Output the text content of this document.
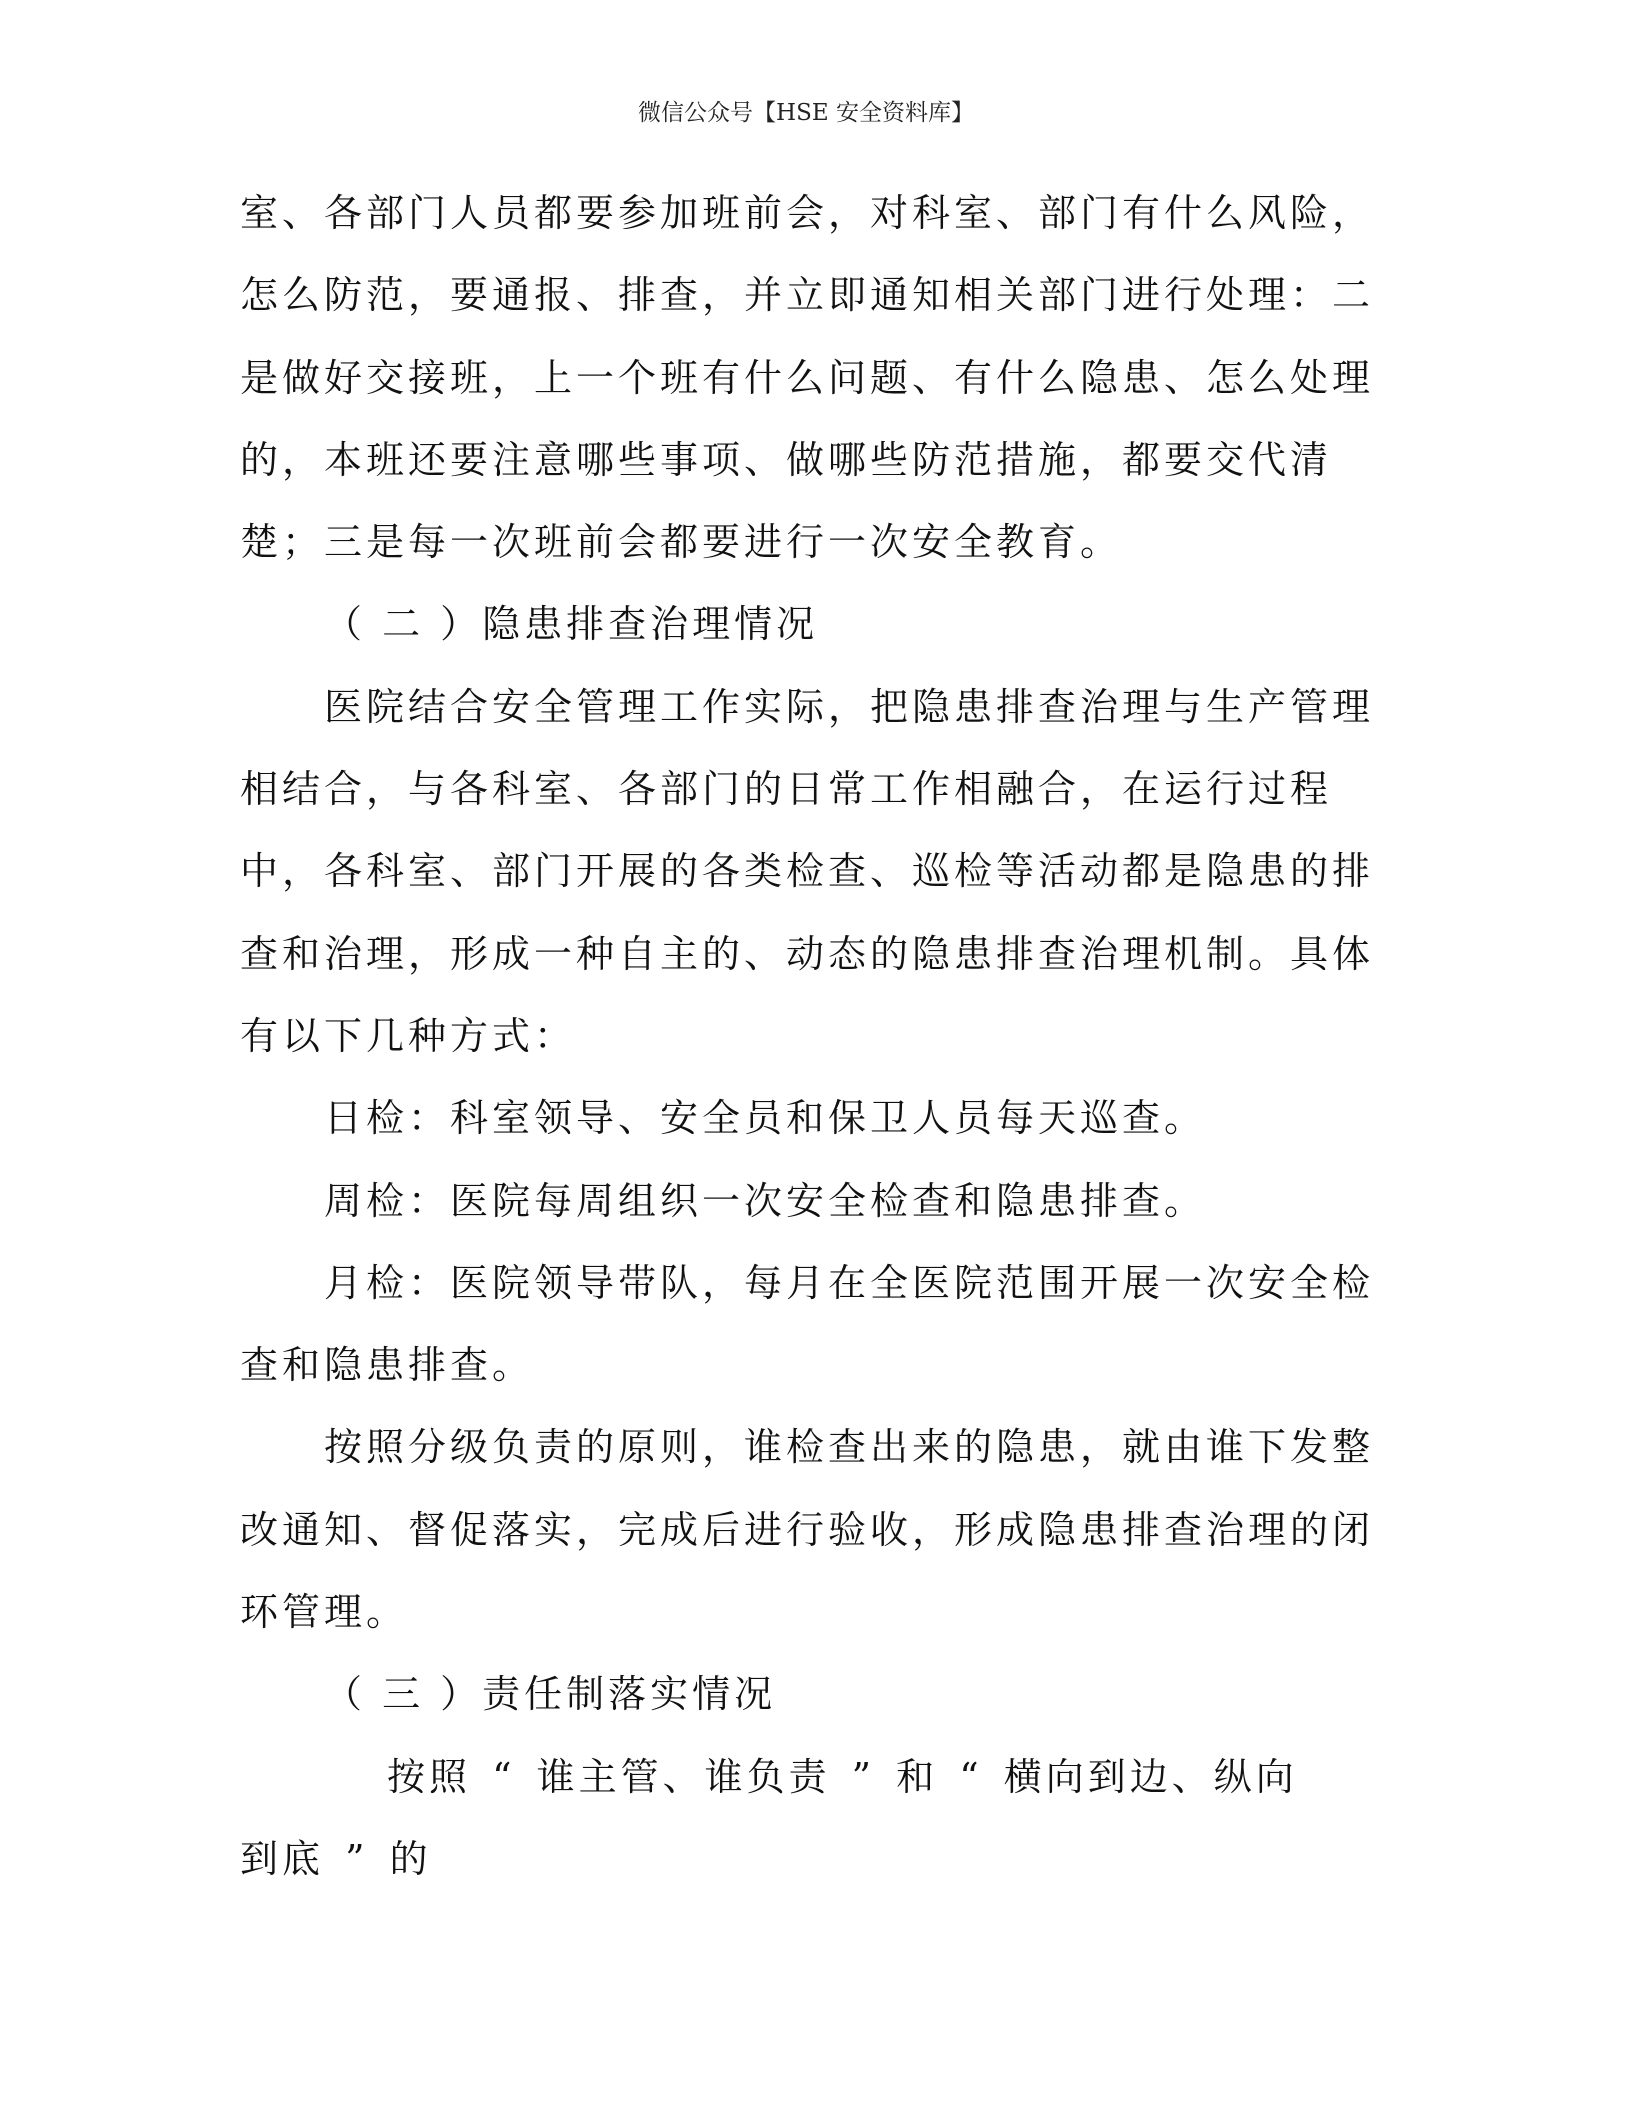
微信公众号【HSE 安全资料库】
室、各部门人员都要参加班前会，对科室、部门有什么风险，
怎么防范，要通报、排查，并立即通知相关部门进行处理：二
是做好交接班，上一个班有什么问题、有什么隐患、怎么处理
的，本班还要注意哪些事项、做哪些防范措施，都要交代清
楚；三是每一次班前会都要进行一次安全教育。
（ 二 ）隐患排查治理情况
医院结合安全管理工作实际，把隐患排查治理与生产管理
相结合，与各科室、各部门的日常工作相融合，在运行过程
中，各科室、部门开展的各类检查、巡检等活动都是隐患的排
查和治理，形成一种自主的、动态的隐患排查治理机制。具体
有以下几种方式：
日检：科室领导、安全员和保卫人员每天巡查。
周检：医院每周组织一次安全检查和隐患排查。
月检：医院领导带队，每月在全医院范围开展一次安全检
查和隐患排查。
按照分级负责的原则，谁检查出来的隐患，就由谁下发整
改通知、督促落实，完成后进行验收，形成隐患排查治理的闭
环管理。
（ 三 ）责任制落实情况
按照 “ 谁主管、谁负责 ” 和 “ 横向到边、纵向
到底 ” 的
